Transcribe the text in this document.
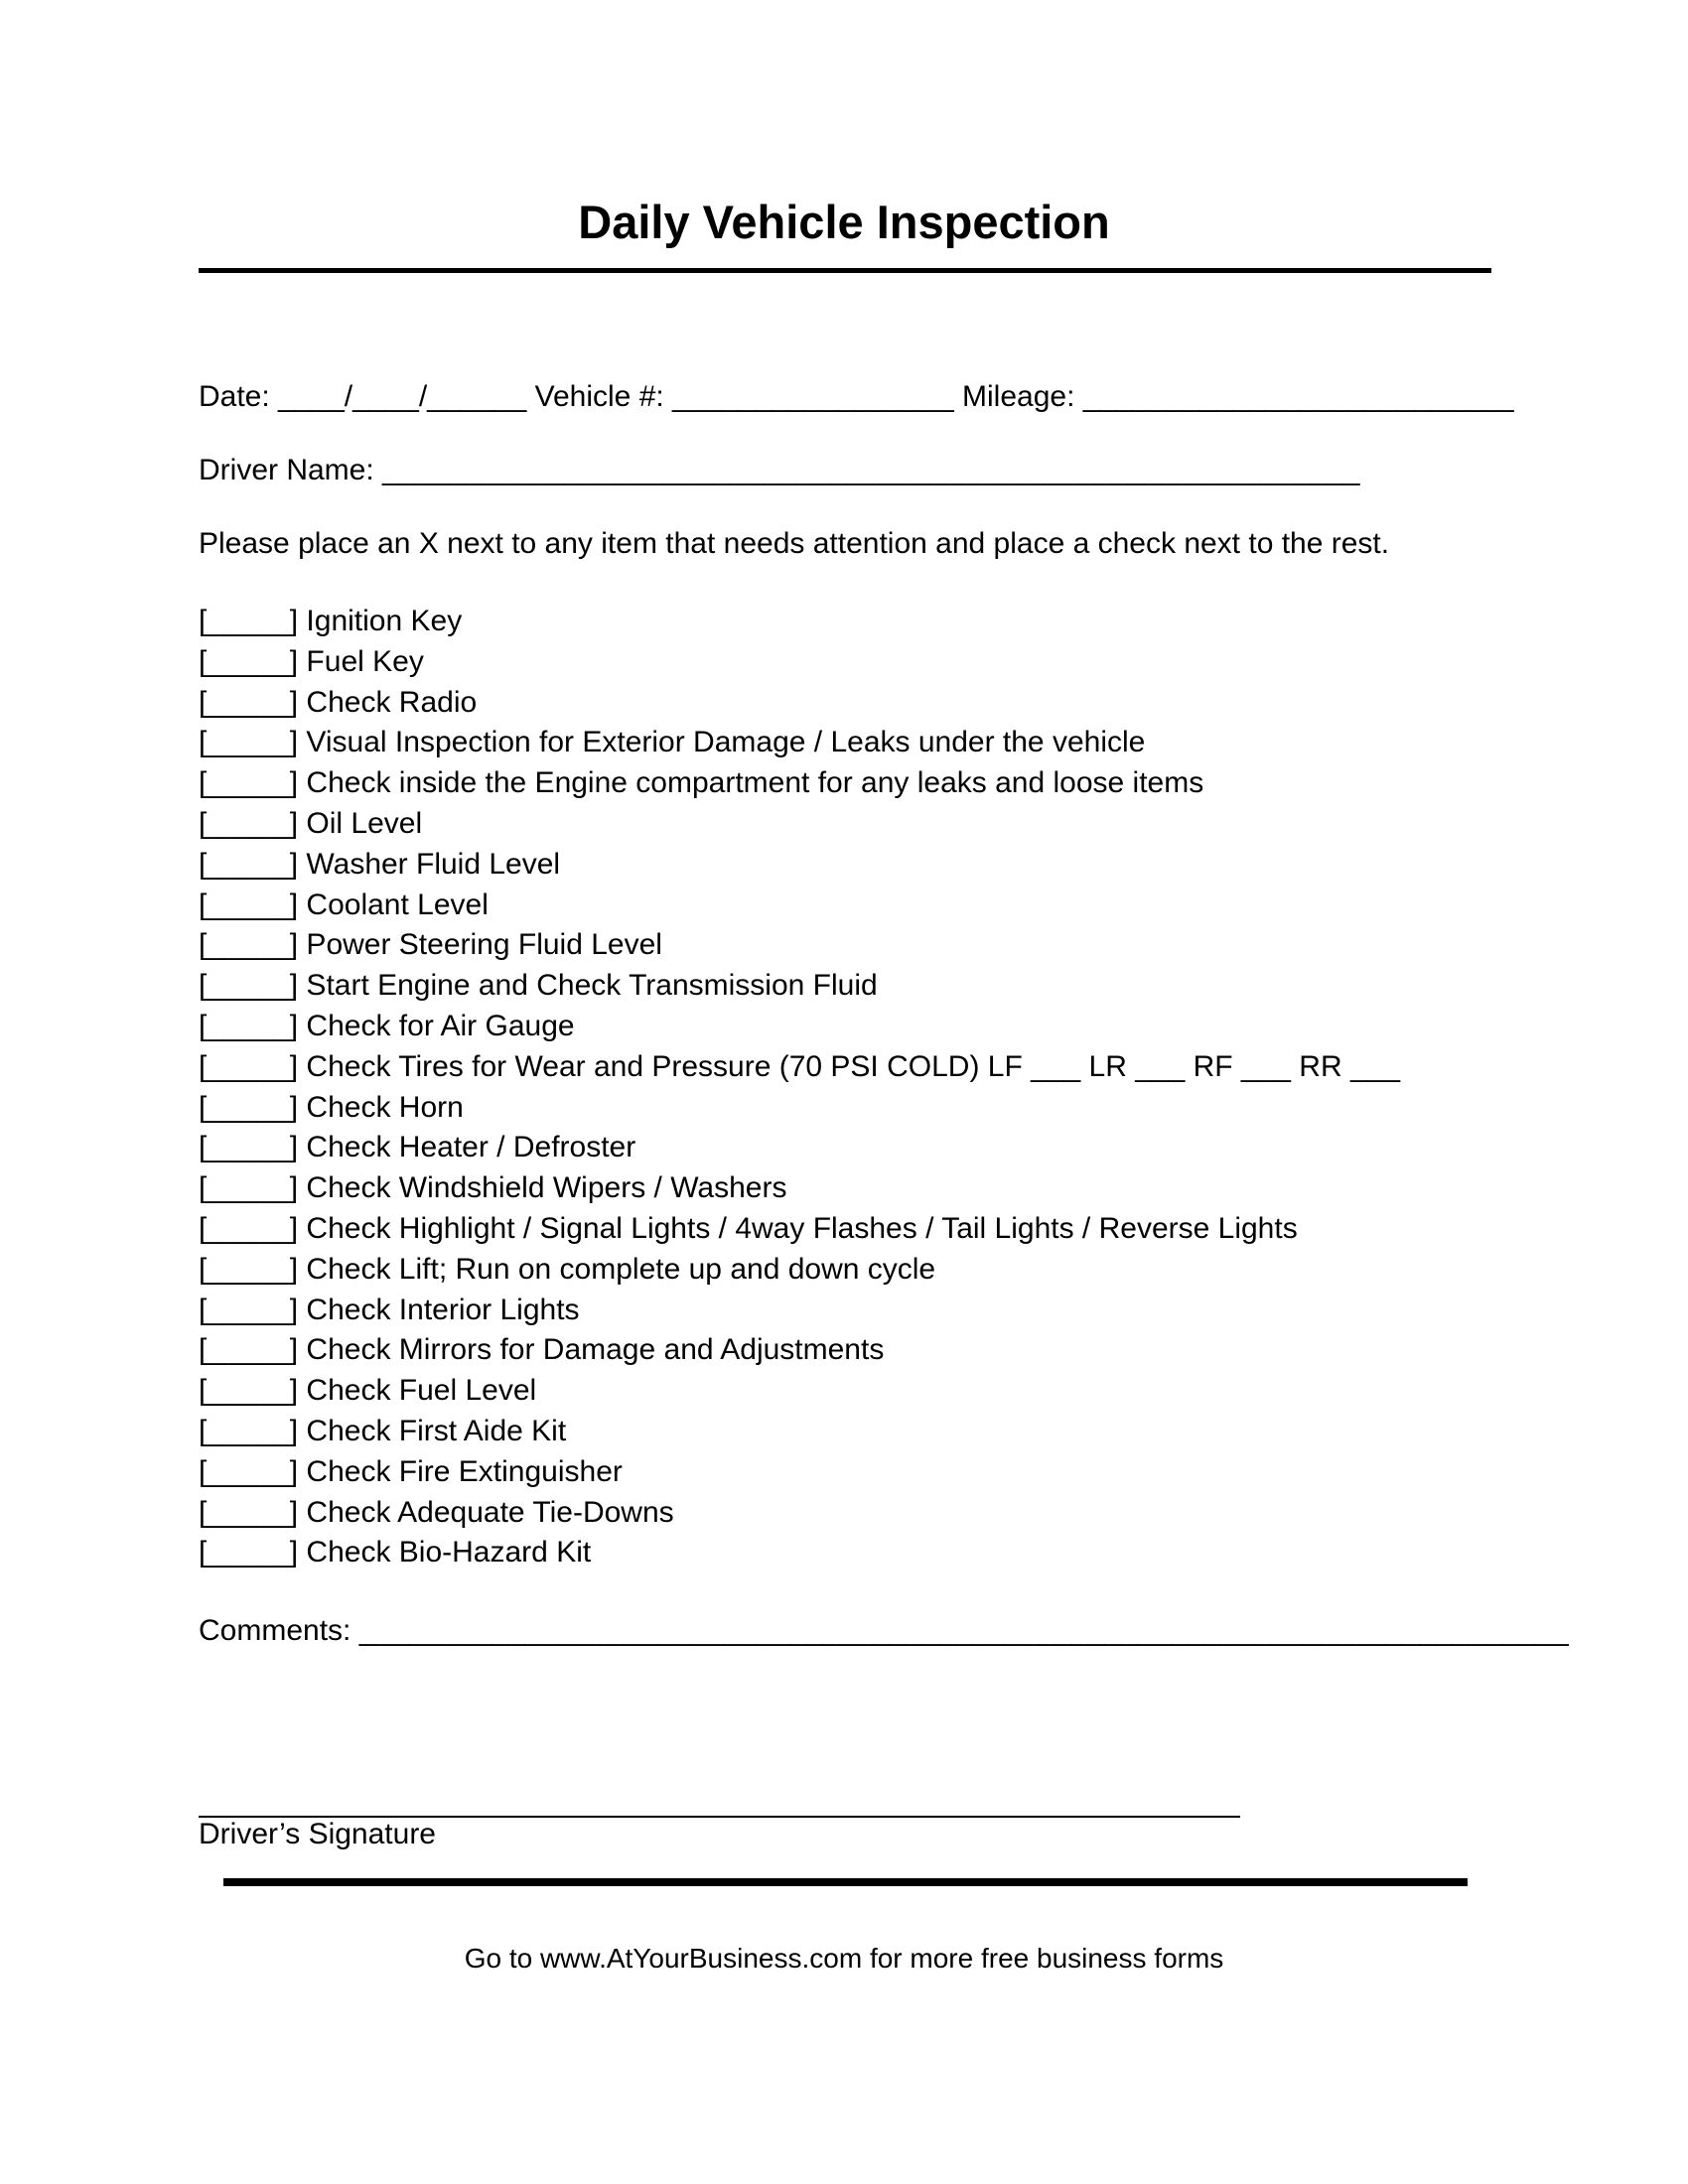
Daily Vehicle Inspection

Date: ____/____/______ Vehicle #: _________________ Mileage: __________________________

Driver Name: ___________________________________________________________

Please place an X next to any item that needs attention and place a check next to the rest.

[_____] Ignition Key
[_____] Fuel Key
[_____] Check Radio
[_____] Visual Inspection for Exterior Damage / Leaks under the vehicle
[_____] Check inside the Engine compartment for any leaks and loose items
[_____] Oil Level
[_____] Washer Fluid Level
[_____] Coolant Level
[_____] Power Steering Fluid Level
[_____] Start Engine and Check Transmission Fluid
[_____] Check for Air Gauge
[_____] Check Tires for Wear and Pressure (70 PSI COLD) LF ___ LR ___ RF ___ RR ___
[_____] Check Horn
[_____] Check Heater / Defroster
[_____] Check Windshield Wipers / Washers
[_____] Check Highlight / Signal Lights / 4way Flashes / Tail Lights / Reverse Lights
[_____] Check Lift; Run on complete up and down cycle
[_____] Check Interior Lights
[_____] Check Mirrors for Damage and Adjustments
[_____] Check Fuel Level
[_____] Check First Aide Kit
[_____] Check Fire Extinguisher
[_____] Check Adequate Tie-Downs
[_____] Check Bio-Hazard Kit

Comments: _________________________________________________________________________

Driver’s Signature

Go to www.AtYourBusiness.com for more free business forms
